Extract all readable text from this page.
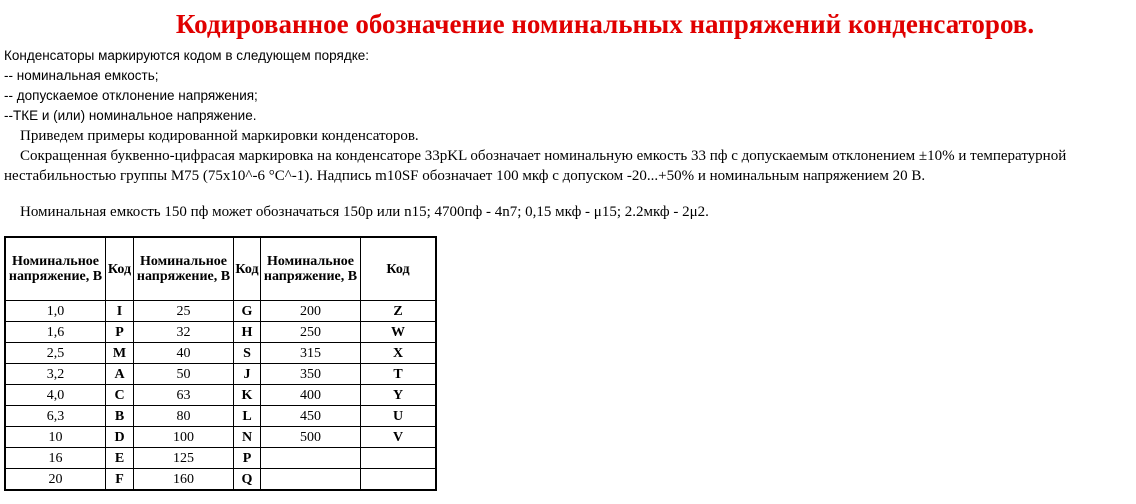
Кодированное обозначение номинальных напряжений конденсаторов.
Конденсаторы маркируются кодом в следующем порядке:
-- номинальная емкость;
-- допускаемое отклонение напряжения;
--ТКЕ и (или) номинальное напряжение.
Приведем примеры кодированной маркировки конденсаторов.
Сокращенная буквенно-цифрасая маркировка на конденсаторе 33pKL обозначает номинальную емкость 33 пф с допускаемым отклонением ±10% и температурной нестабильностью группы М75 (75x10^-6 °C^-1). Надпись m10SF обозначает 100 мкф с допуском -20...+50% и номинальным напряжением 20 В.
Номинальная емкость 150 пф может обозначаться 150p или n15; 4700пф - 4n7; 0,15 мкф - μ15; 2.2мкф - 2μ2.
Номинальное напряжение, В	Код	Номинальное напряжение, В	Код	Номинальное напряжение, В	Код
1,0	I	25	G	200	Z
1,6	P	32	H	250	W
2,5	M	40	S	315	X
3,2	A	50	J	350	T
4,0	C	63	K	400	Y
6,3	B	80	L	450	U
10	D	100	N	500	V
16	E	125	P		
20	F	160	Q		
